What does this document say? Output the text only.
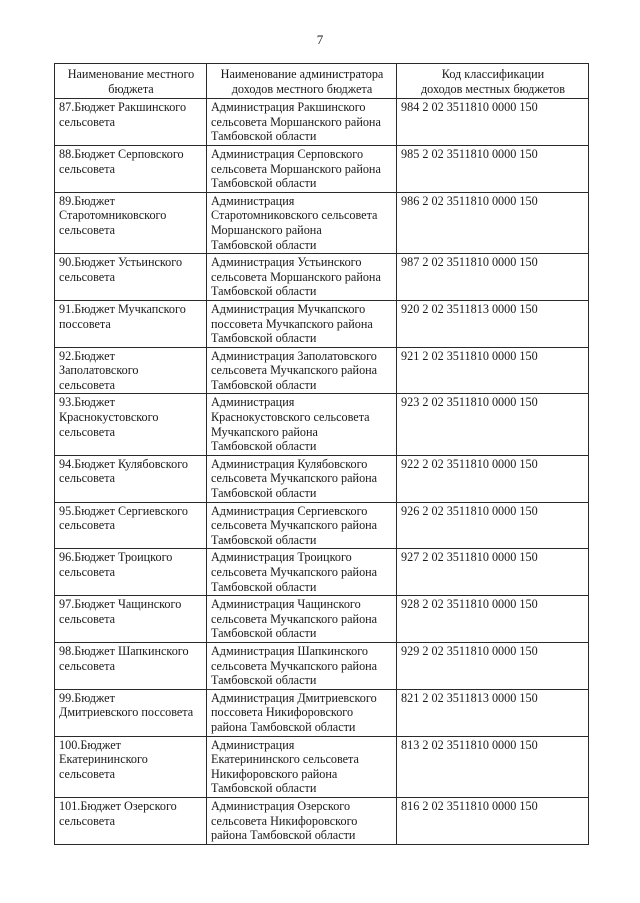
7
Наименование местного
бюджета	Наименование администратора
доходов местного бюджета	Код классификации
доходов местных бюджетов

87.Бюджет Ракшинского
сельсовета	Администрация Ракшинского
сельсовета Моршанского района
Тамбовской области	984 2 02 3511810 0000 150

88.Бюджет Серповского
сельсовета	Администрация Серповского
сельсовета Моршанского района
Тамбовской области	985 2 02 3511810 0000 150

89.Бюджет
Старотомниковского
сельсовета	Администрация
Старотомниковского сельсовета
Моршанского района
Тамбовской области	986 2 02 3511810 0000 150

90.Бюджет Устьинского
сельсовета	Администрация Устьинского
сельсовета Моршанского района
Тамбовской области	987 2 02 3511810 0000 150

91.Бюджет Мучкапского
поссовета	Администрация Мучкапского
поссовета Мучкапского района
Тамбовской области	920 2 02 3511813 0000 150

92.Бюджет
Заполатовского
сельсовета	Администрация Заполатовского
сельсовета Мучкапского района
Тамбовской области	921 2 02 3511810 0000 150

93.Бюджет
Краснокустовского
сельсовета	Администрация
Краснокустовского сельсовета
Мучкапского района
Тамбовской области	923 2 02 3511810 0000 150

94.Бюджет Кулябовского
сельсовета	Администрация Кулябовского
сельсовета Мучкапского района
Тамбовской области	922 2 02 3511810 0000 150

95.Бюджет Сергиевского
сельсовета	Администрация Сергиевского
сельсовета Мучкапского района
Тамбовской области	926 2 02 3511810 0000 150

96.Бюджет Троицкого
сельсовета	Администрация Троицкого
сельсовета Мучкапского района
Тамбовской области	927 2 02 3511810 0000 150

97.Бюджет Чащинского
сельсовета	Администрация Чащинского
сельсовета Мучкапского района
Тамбовской области	928 2 02 3511810 0000 150

98.Бюджет Шапкинского
сельсовета	Администрация Шапкинского
сельсовета Мучкапского района
Тамбовской области	929 2 02 3511810 0000 150

99.Бюджет
Дмитриевского поссовета	Администрация Дмитриевского
поссовета Никифоровского
района Тамбовской области	821 2 02 3511813 0000 150

100.Бюджет
Екатерининского
сельсовета	Администрация
Екатерининского сельсовета
Никифоровского района
Тамбовской области	813 2 02 3511810 0000 150

101.Бюджет Озерского
сельсовета	Администрация Озерского
сельсовета Никифоровского
района Тамбовской области	816 2 02 3511810 0000 150
